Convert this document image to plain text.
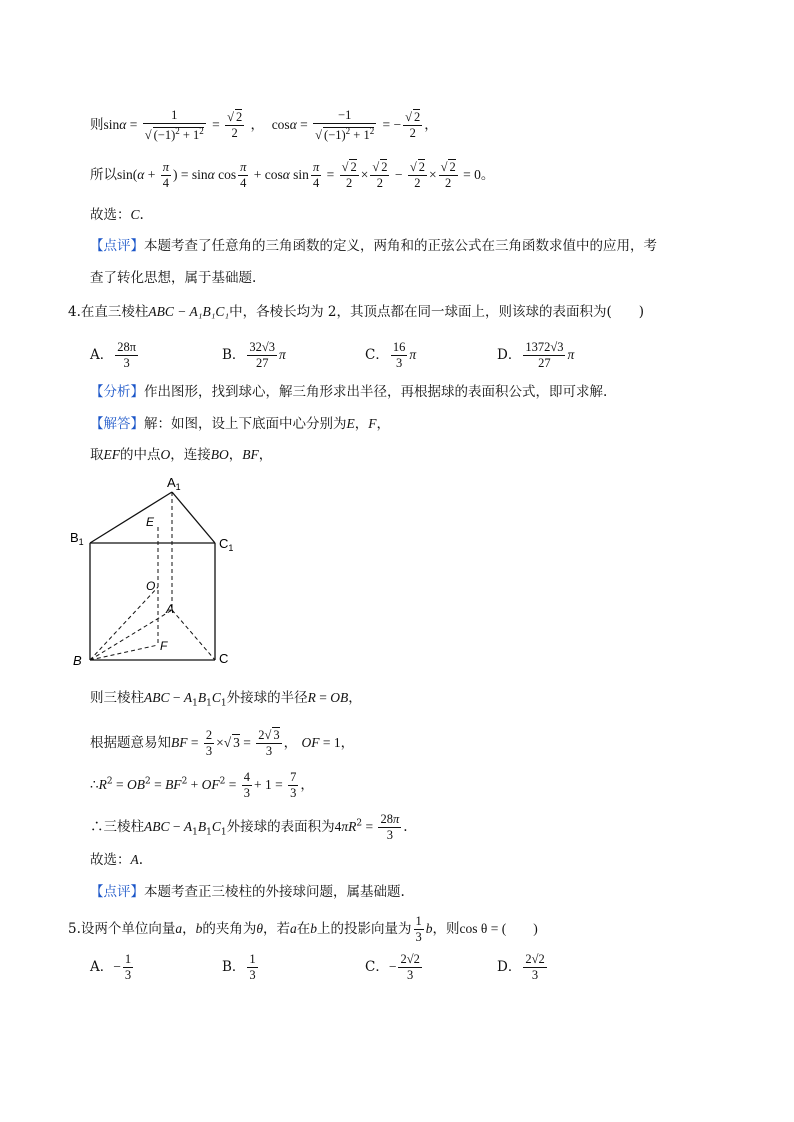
则$\sin\alpha = \frac{1}{√ (-1)^2 + 1^2} = \frac{√ 2}{2}$ ，  $\cos\alpha = \frac{-1}{√ (-1)^2 + 1^2}$ = − $\frac{√ 2}{2}$ ，
所以$\sin(\alpha + \frac{\pi}{4}$ ) = sinα $\cos \frac{\pi}{4} + \cos\alpha$ $\sin \frac{\pi}{4} = \frac{√ 2}{2} \times \frac{√ 2}{2} - \frac{√ 2}{2} \times \frac{√ 2}{2} = 0$。
故选：C.
【点评】本题考查了任意角的三角函数的定义，两角和的正弦公式在三角函数求值中的应用，考
查了转化思想，属于基础题.
4.在直三棱柱ABC − A₁B₁C₁中，各棱长均为 2，其顶点都在同一球面上，则该球的表面积为(　　)
A． $\frac{28\pi}{3}$	B． $\frac{32√3}{27}$ π	C． $\frac{16}{3}$ π	D． $\frac{1372√3}{27}$ π
【分析】作出图形，找到球心，解三角形求出半径，再根据球的表面积公式，即可求解.
【解答】解：如图，设上下底面中心分别为E，F，
取EF的中点O，连接BO，BF，
$A_1$
$B_1$	$C_1$
E
O
A
F
B	C
则三棱柱ABC − $A_1B_1C_1$外接球的半径R = OB，
根据题意易知BF = $\frac{2}{3}$ ×√ $3 = \frac{2√ 3}{3}$ ， OF = 1，
$\therefore R^2 = OB^2 = BF^2 + OF^2 = \frac{4}{3} + 1 = \frac{7}{3}$ ，
∴三棱柱ABC − $A_1B_1C_1$外接球的表面积为$4\pi R^2 = \frac{28\pi}{3}$ .
故选：A.
【点评】本题考查正三棱柱的外接球问题，属基础题.
5.设两个单位向量a，b的夹角为θ，若a在b上的投影向量为 $\frac{1}{3}$ b，则cos θ = (　　)
A．− $\frac{1}{3}$	B． $\frac{1}{3}$	C．− $\frac{2√2}{3}$	D． $\frac{2√2}{3}$
